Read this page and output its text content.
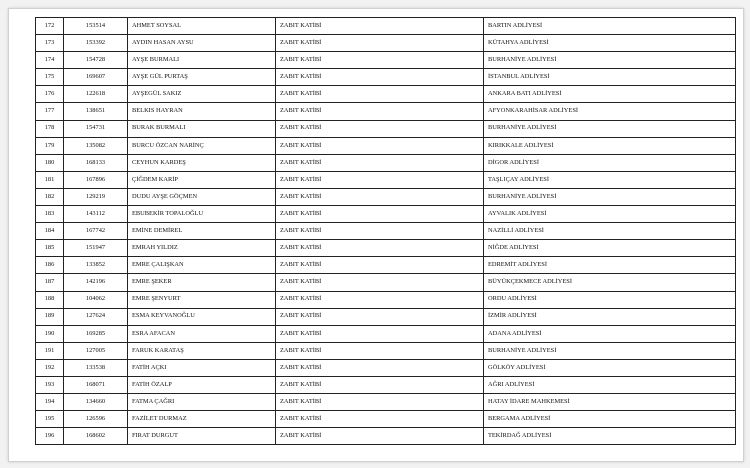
172	153514	AHMET SOYSAL	ZABIT KATİBİ	BARTIN ADLİYESİ
173	153392	AYDIN HASAN AYSU	ZABIT KATİBİ	KÜTAHYA ADLİYESİ
174	154728	AYŞE BURMALI	ZABIT KATİBİ	BURHANİYE ADLİYESİ
175	169607	AYŞE GÜL PURTAŞ	ZABIT KATİBİ	İSTANBUL ADLİYESİ
176	122618	AYŞEGÜL SAKIZ	ZABIT KATİBİ	ANKARA BATI ADLİYESİ
177	138651	BELKIS HAYRAN	ZABIT KATİBİ	AFYONKARAHİSAR ADLİYESİ
178	154731	BURAK BURMALI	ZABIT KATİBİ	BURHANİYE ADLİYESİ
179	135082	BURCU ÖZCAN NARİNÇ	ZABIT KATİBİ	KIRIKKALE ADLİYESİ
180	168133	CEYHUN KARDEŞ	ZABIT KATİBİ	DİGOR ADLİYESİ
181	167896	ÇİĞDEM KARİP	ZABIT KATİBİ	TAŞLIÇAY ADLİYESİ
182	129219	DUDU AYŞE GÖÇMEN	ZABIT KATİBİ	BURHANİYE ADLİYESİ
183	143112	EBUBEKİR TOPALOĞLU	ZABIT KATİBİ	AYVALIK ADLİYESİ
184	167742	EMİNE DEMİREL	ZABIT KATİBİ	NAZİLLİ ADLİYESİ
185	151947	EMRAH YILDIZ	ZABIT KATİBİ	NİĞDE ADLİYESİ
186	133852	EMRE ÇALIŞKAN	ZABIT KATİBİ	EDREMİT ADLİYESİ
187	142196	EMRE ŞEKER	ZABIT KATİBİ	BÜYÜKÇEKMECE ADLİYESİ
188	104062	EMRE ŞENYURT	ZABIT KATİBİ	ORDU ADLİYESİ
189	127624	ESMA KEYVANOĞLU	ZABIT KATİBİ	İZMİR ADLİYESİ
190	169285	ESRA AFACAN	ZABIT KATİBİ	ADANA ADLİYESİ
191	127005	FARUK KARATAŞ	ZABIT KATİBİ	BURHANİYE ADLİYESİ
192	133538	FATİH AÇKI	ZABIT KATİBİ	GÖLKÖY ADLİYESİ
193	168071	FATİH ÖZALP	ZABIT KATİBİ	AĞRI ADLİYESİ
194	134660	FATMA ÇAĞRI	ZABIT KATİBİ	HATAY İDARE MAHKEMESİ
195	126596	FAZİLET DURMAZ	ZABIT KATİBİ	BERGAMA ADLİYESİ
196	168602	FIRAT DURGUT	ZABIT KATİBİ	TEKİRDAĞ ADLİYESİ
